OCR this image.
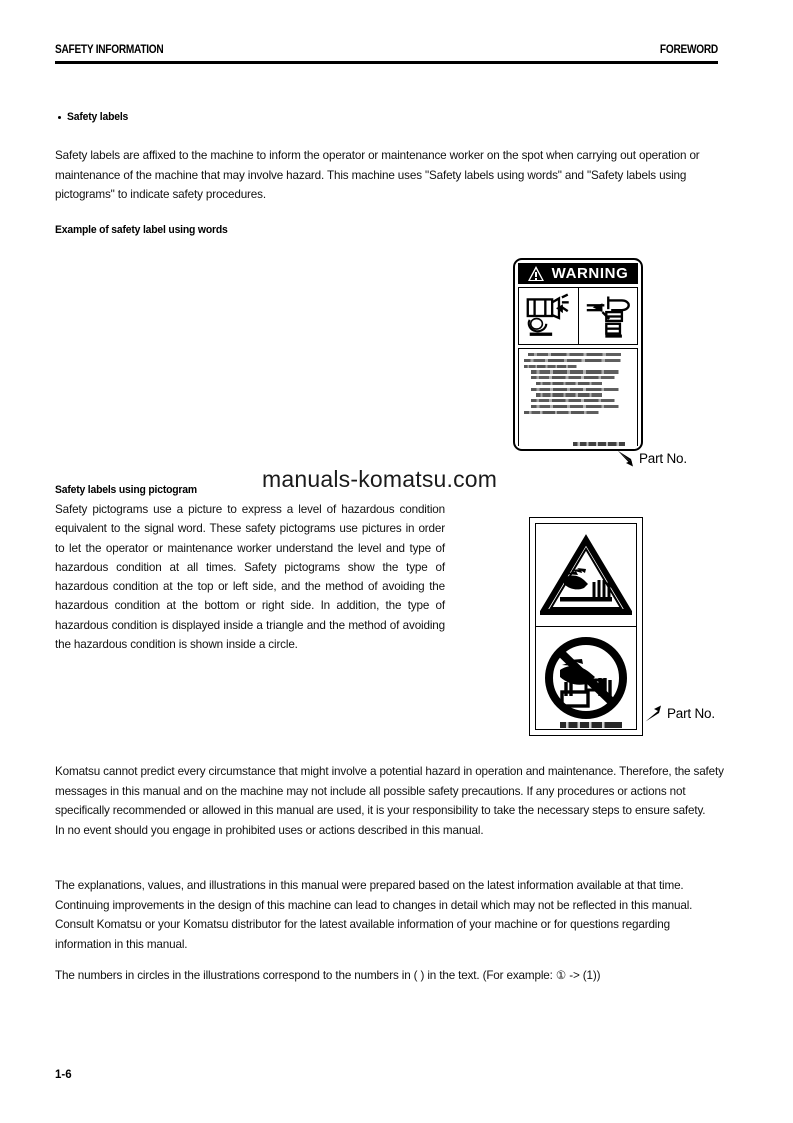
SAFETY INFORMATION	FOREWORD
Safety labels
Safety labels are affixed to the machine to inform the operator or maintenance worker on the spot when carrying out operation or maintenance of the machine that may involve hazard. This machine uses "Safety labels using words" and "Safety labels using pictograms" to indicate safety procedures.
Example of safety label using words
WARNING
Part No.
manuals-komatsu.com
Safety labels using pictogram
Safety pictograms use a picture to express a level of hazardous condition equivalent to the signal word. These safety pictograms use pictures in order to let the operator or maintenance worker understand the level and type of hazardous condition at all times. Safety pictograms show the type of hazardous condition at the top or left side, and the method of avoiding the hazardous condition at the bottom or right side. In addition, the type of hazardous condition is displayed inside a triangle and the method of avoiding the hazardous condition is shown inside a circle.
Part No.
Komatsu cannot predict every circumstance that might involve a potential hazard in operation and maintenance. Therefore, the safety messages in this manual and on the machine may not include all possible safety precautions. If any procedures or actions not specifically recommended or allowed in this manual are used, it is your responsibility to take the necessary steps to ensure safety.
In no event should you engage in prohibited uses or actions described in this manual.
The explanations, values, and illustrations in this manual were prepared based on the latest information available at that time. Continuing improvements in the design of this machine can lead to changes in detail which may not be reflected in this manual. Consult Komatsu or your Komatsu distributor for the latest available information of your machine or for questions regarding information in this manual.
The numbers in circles in the illustrations correspond to the numbers in ( ) in the text. (For example: ① -> (1))
1-6
